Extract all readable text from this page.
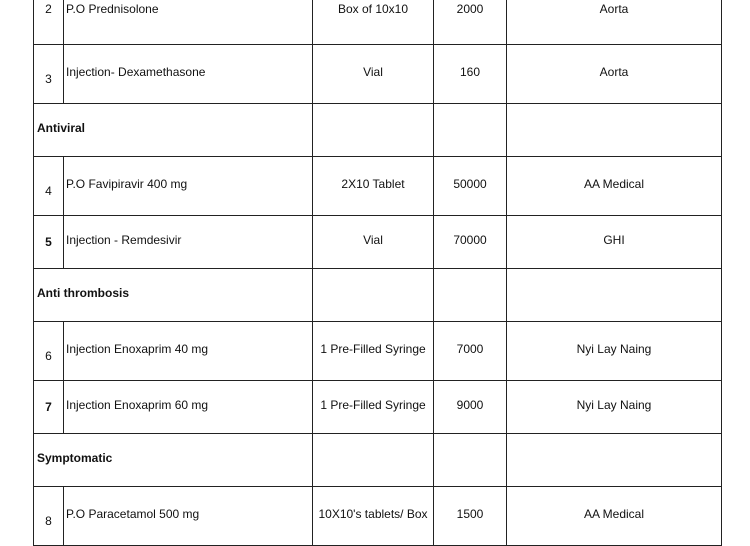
2	P.O Prednisolone	Box of 10x10	2000	Aorta
3	Injection- Dexamethasone	Vial	160	Aorta
Antiviral				
4	P.O Favipiravir 400 mg	2X10 Tablet	50000	AA Medical
5	Injection - Remdesivir	Vial	70000	GHI
Anti thrombosis				
6	Injection Enoxaprim 40 mg	1 Pre-Filled Syringe	7000	Nyi Lay Naing
7	Injection Enoxaprim 60 mg	1 Pre-Filled Syringe	9000	Nyi Lay Naing
Symptomatic				
8	P.O Paracetamol 500 mg	10X10's tablets/ Box	1500	AA Medical
